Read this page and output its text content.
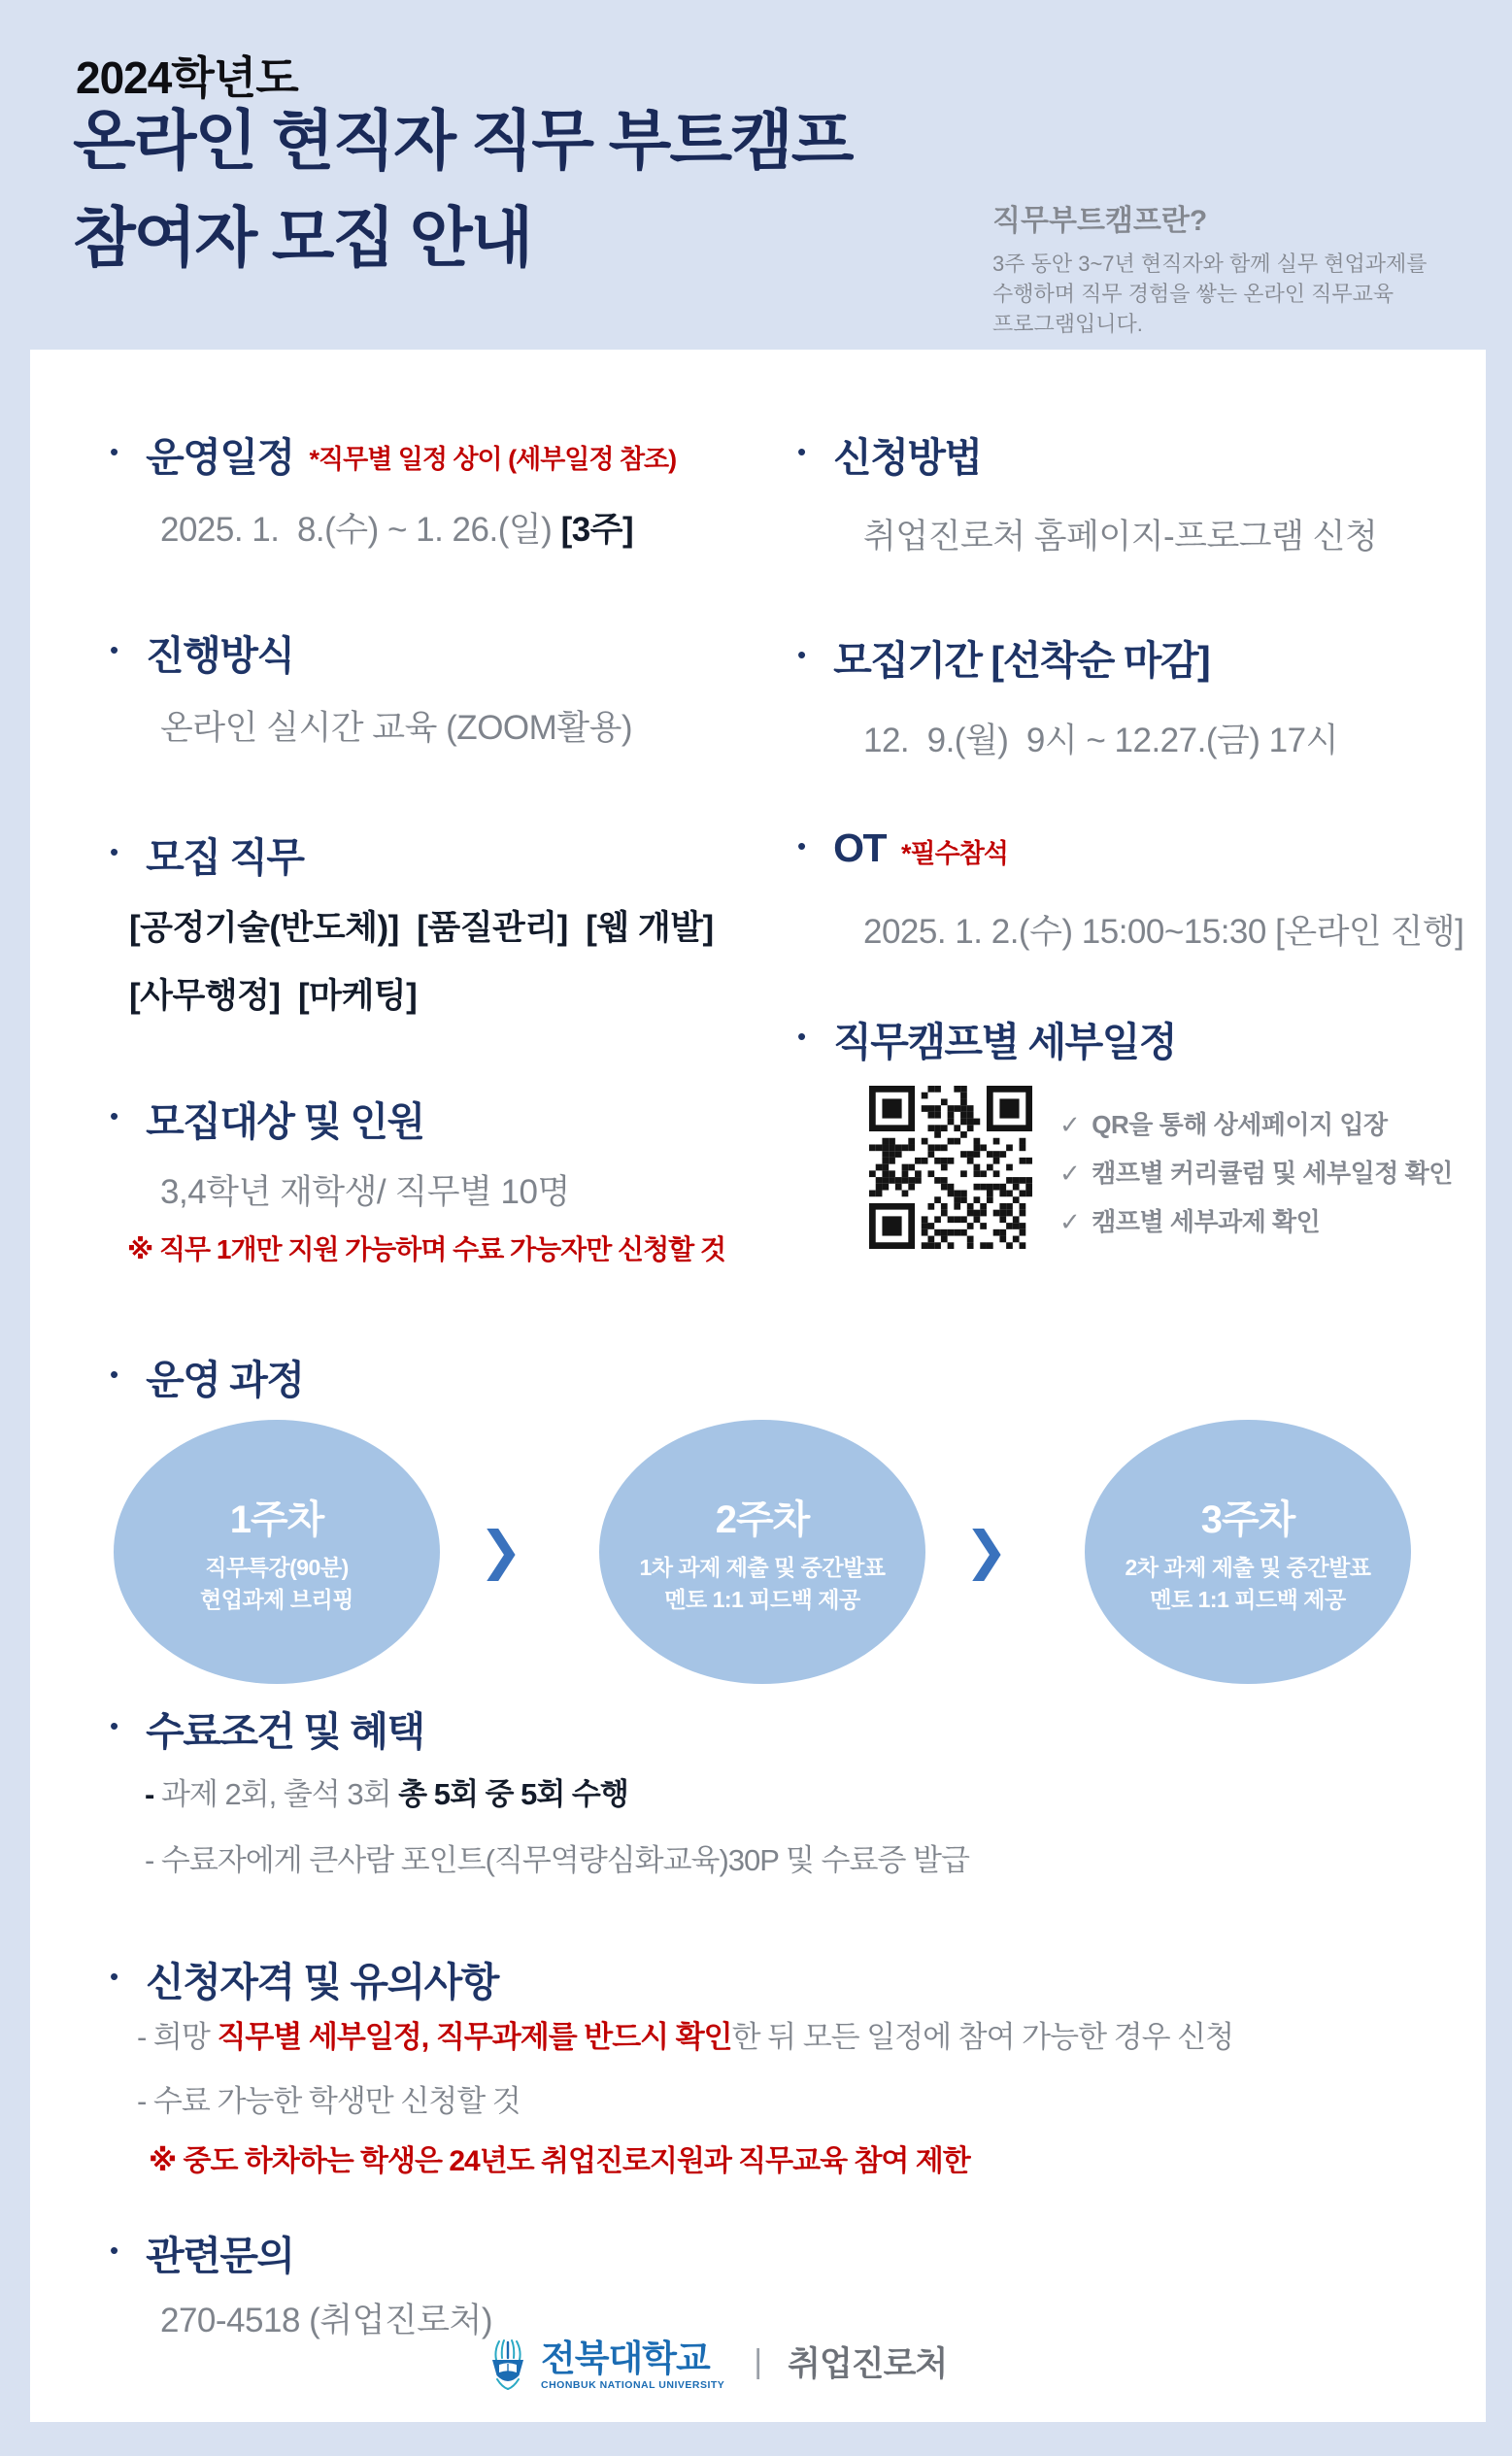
2024학년도
온라인 현직자 직무 부트캠프
참여자 모집 안내	직무부트캠프란?

3주 동안 3~7년 현직자와 함께 실무 현업과제를
수행하며 직무 경험을 쌓는 온라인 직무교육
프로그램입니다.

• 운영일정 *직무별 일정 상이 (세부일정 참조)

2025. 1.  8.(수) ~ 1. 26.(일) [3주]

• 신청방법

취업진로처 홈페이지-프로그램 신청

• 진행방식

온라인 실시간 교육 (ZOOM활용)

• 모집기간 [선착순 마감]

12.  9.(월)  9시 ~ 12.27.(금) 17시

• 모집 직무

[공정기술(반도체)]  [품질관리]  [웹 개발]

[사무행정]  [마케팅]

• OT *필수참석

2025. 1. 2.(수) 15:00~15:30 [온라인 진행]

• 직무캠프별 세부일정

✓ QR을 통해 상세페이지 입장

✓ 캠프별 커리큘럼 및 세부일정 확인

✓ 캠프별 세부과제 확인

• 모집대상 및 인원

3,4학년 재학생/ 직무별 10명

※ 직무 1개만 지원 가능하며 수료 가능자만 신청할 것

• 운영 과정

1주차

직무특강(90분)
현업과제 브리핑

❯

2주차

1차 과제 제출 및 중간발표
멘토 1:1 피드백 제공

❯

3주차

2차 과제 제출 및 중간발표
멘토 1:1 피드백 제공

• 수료조건 및 혜택

- 과제 2회, 출석 3회 총 5회 중 5회 수행

- 수료자에게 큰사람 포인트(직무역량심화교육)30P 및 수료증 발급

• 신청자격 및 유의사항

- 희망 직무별 세부일정, 직무과제를 반드시 확인한 뒤 모든 일정에 참여 가능한 경우 신청

- 수료 가능한 학생만 신청할 것

※ 중도 하차하는 학생은 24년도 취업진로지원과 직무교육 참여 제한

• 관련문의

270-4518 (취업진로처)

전북대학교
CHONBUK NATIONAL UNIVERSITY
| 취업진로처
